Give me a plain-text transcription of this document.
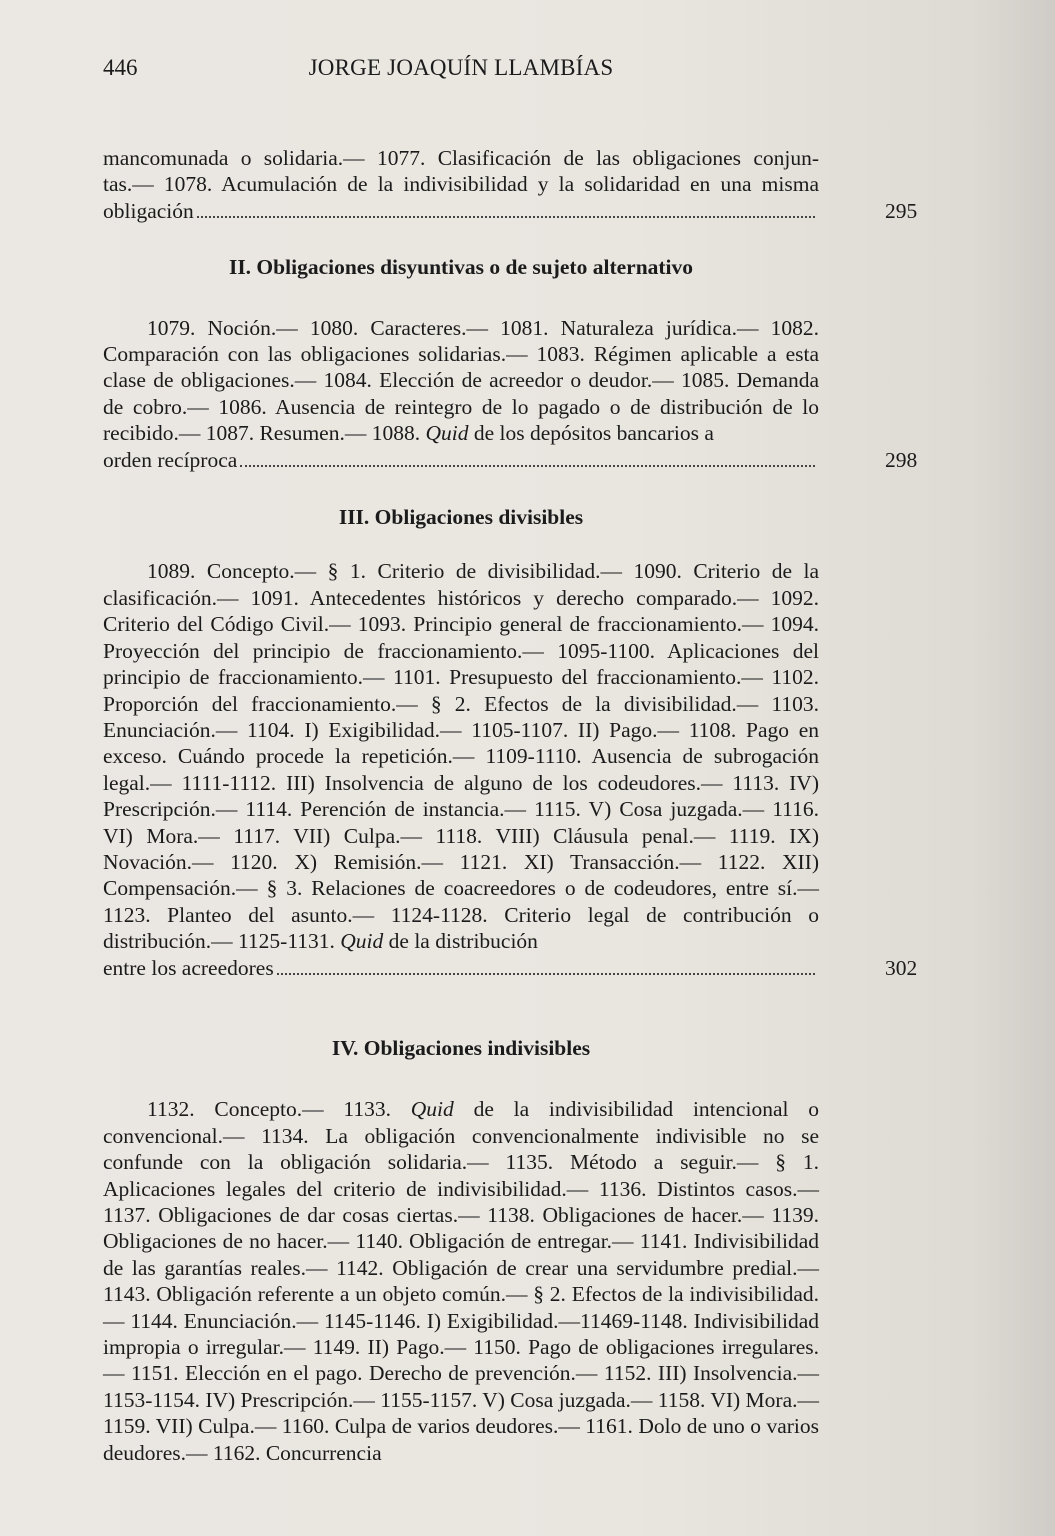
446	JORGE JOAQUÍN LLAMBÍAS

mancomunada o solidaria.— 1077. Clasificación de las obligaciones conjun-

tas.— 1078. Acumulación de la indivisibilidad y la solidaridad en una misma

obligación	295
II. Obligaciones disyuntivas o de sujeto alternativo

1079. Noción.— 1080. Caracteres.— 1081. Naturaleza jurídica.— 1082. Comparación con las obligaciones solidarias.— 1083. Régimen aplicable a esta clase de obligaciones.— 1084. Elección de acreedor o deudor.— 1085. Demanda de cobro.— 1086. Ausencia de reintegro de lo pagado o de distribución de lo recibido.— 1087. Resumen.— 1088. Quid de los depósitos bancarios a

orden recíproca	298
III. Obligaciones divisibles

1089. Concepto.— § 1. Criterio de divisibilidad.— 1090. Criterio de la clasificación.— 1091. Antecedentes históricos y derecho comparado.— 1092. Criterio del Código Civil.— 1093. Principio general de fraccionamiento.— 1094. Proyección del principio de fraccionamiento.— 1095-1100. Aplicaciones del principio de fraccionamiento.— 1101. Presupuesto del fraccionamiento.— 1102. Proporción del fraccionamiento.— § 2. Efectos de la divisibilidad.— 1103. Enunciación.— 1104. I) Exigibilidad.— 1105-1107. II) Pago.— 1108. Pago en exceso. Cuándo procede la repetición.— 1109-1110. Ausencia de subrogación legal.— 1111-1112. III) Insolvencia de alguno de los codeudores.— 1113. IV) Prescripción.— 1114. Perención de instancia.— 1115. V) Cosa juzgada.— 1116. VI) Mora.— 1117. VII) Culpa.— 1118. VIII) Cláusula penal.— 1119. IX) Novación.— 1120. X) Remisión.— 1121. XI) Transacción.— 1122. XII) Compensación.— § 3. Relaciones de coacreedores o de codeudores, entre sí.— 1123. Planteo del asunto.— 1124-1128. Criterio legal de contribución o distribución.— 1125-1131. Quid de la distribución

entre los acreedores	302
IV. Obligaciones indivisibles

1132. Concepto.— 1133. Quid de la indivisibilidad intencional o convencional.— 1134. La obligación convencionalmente indivisible no se confunde con la obligación solidaria.— 1135. Método a seguir.— § 1. Aplicaciones legales del criterio de indivisibilidad.— 1136. Distintos casos.— 1137. Obligaciones de dar cosas ciertas.— 1138. Obligaciones de hacer.— 1139. Obligaciones de no hacer.— 1140. Obligación de entregar.— 1141. Indivisibilidad de las garantías reales.— 1142. Obligación de crear una servidumbre predial.— 1143. Obligación referente a un objeto común.— § 2. Efectos de la indivisibilidad.— 1144. Enunciación.— 1145-1146. I) Exigibilidad.—11469-1148. Indivisibilidad impropia o irregular.— 1149. II) Pago.— 1150. Pago de obligaciones irregulares.— 1151. Elección en el pago. Derecho de prevención.— 1152. III) Insolvencia.— 1153-1154. IV) Prescripción.— 1155-1157. V) Cosa juzgada.— 1158. VI) Mora.— 1159. VII) Culpa.— 1160. Culpa de varios deudores.— 1161. Dolo de uno o varios deudores.— 1162. Concurrencia
